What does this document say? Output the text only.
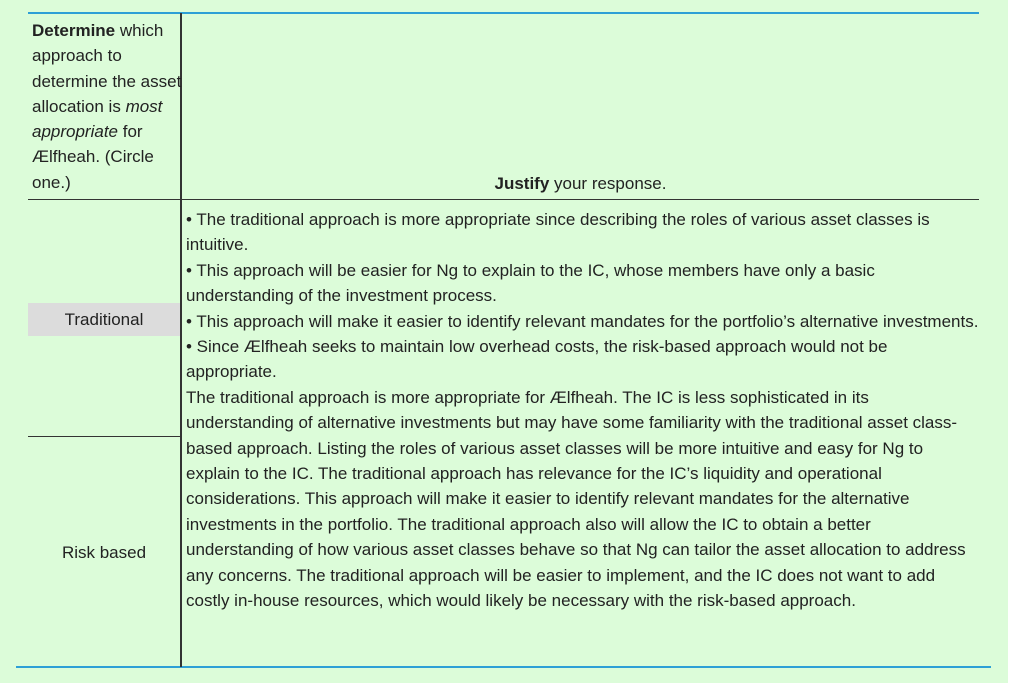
Determine which approach to determine the asset allocation is most appropriate for Ælfheah. (Circle one.)	Justify your response.
Traditional
Risk based

• The traditional approach is more appropriate since describing the roles of various asset classes is intuitive.

• This approach will be easier for Ng to explain to the IC, whose members have only a basic understanding of the investment process.

• This approach will make it easier to identify relevant mandates for the portfolio’s alternative investments.

• Since Ælfheah seeks to maintain low overhead costs, the risk-based approach would not be appropriate.

The traditional approach is more appropriate for Ælfheah. The IC is less sophisticated in its understanding of alternative investments but may have some familiarity with the traditional asset class-based approach. Listing the roles of various asset classes will be more intuitive and easy for Ng to explain to the IC. The traditional approach has relevance for the IC’s liquidity and operational considerations. This approach will make it easier to identify relevant mandates for the alternative investments in the portfolio. The traditional approach also will allow the IC to obtain a better understanding of how various asset classes behave so that Ng can tailor the asset allocation to address any concerns. The traditional approach will be easier to implement, and the IC does not want to add costly in-house resources, which would likely be necessary with the risk-based approach.
